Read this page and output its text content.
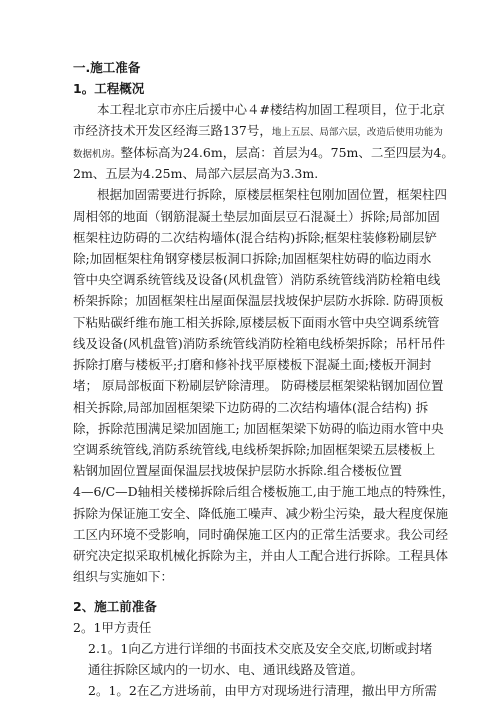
一.施工准备
1。工程概况
本工程北京市亦庄后援中心４#楼结构加固工程项目，位于北京
市经济技术开发区经海三路137号，地上五层、局部六层，改造后使用功能为
数据机房。整体标高为24.6m，层高：首层为4。75m、二至四层为4。
2m、五层为4.25m、局部六层层高为3.3m.
根据加固需要进行拆除，原楼层框架柱包刚加固位置，框架柱四
周相邻的地面（钢筋混凝土垫层加面层豆石混凝土）拆除;局部加固
框架柱边防碍的二次结构墙体(混合结构)拆除;框架柱装修粉刷层铲
除;加固框架柱角钢穿楼层板洞口拆除;加固框架柱妨碍的临边雨水
管中央空调系统管线及设备(风机盘管）消防系统管线消防栓箱电线
桥架拆除；加固框架柱出屋面保温层找坡保护层防水拆除. 防碍顶板
下粘贴碳纤维布施工相关拆除,原楼层板下面雨水管中央空调系统管
线及设备(风机盘管)消防系统管线消防栓箱电线桥架拆除；吊杆吊件
拆除打磨与楼板平;打磨和修补找平原楼板下混凝土面;楼板开洞封
堵； 原局部板面下粉刷层铲除清理。 防碍楼层框架梁粘钢加固位置
相关拆除,局部加固框架梁下边防碍的二次结构墙体(混合结构) 拆
除，拆除范围满足梁加固施工; 加固框架梁下妨碍的临边雨水管中央
空调系统管线,消防系统管线,电线桥架拆除;加固框架梁五层楼板上
粘钢加固位置屋面保温层找坡保护层防水拆除.组合楼板位置
4—6/C—D轴相关楼梯拆除后组合楼板施工,由于施工地点的特殊性，
拆除为保证施工安全、降低施工噪声、减少粉尘污染，最大程度保施
工区内环境不受影响，同时确保施工区内的正常生活要求。我公司经
研究决定拟采取机械化拆除为主，并由人工配合进行拆除。工程具体
组织与实施如下：
2、施工前准备
2。1甲方责任
2.1。1向乙方进行详细的书面技术交底及安全交底,切断或封堵
通往拆除区域内的一切水、电、通讯线路及管道。
2。1。2在乙方进场前，由甲方对现场进行清理，撤出甲方所需
